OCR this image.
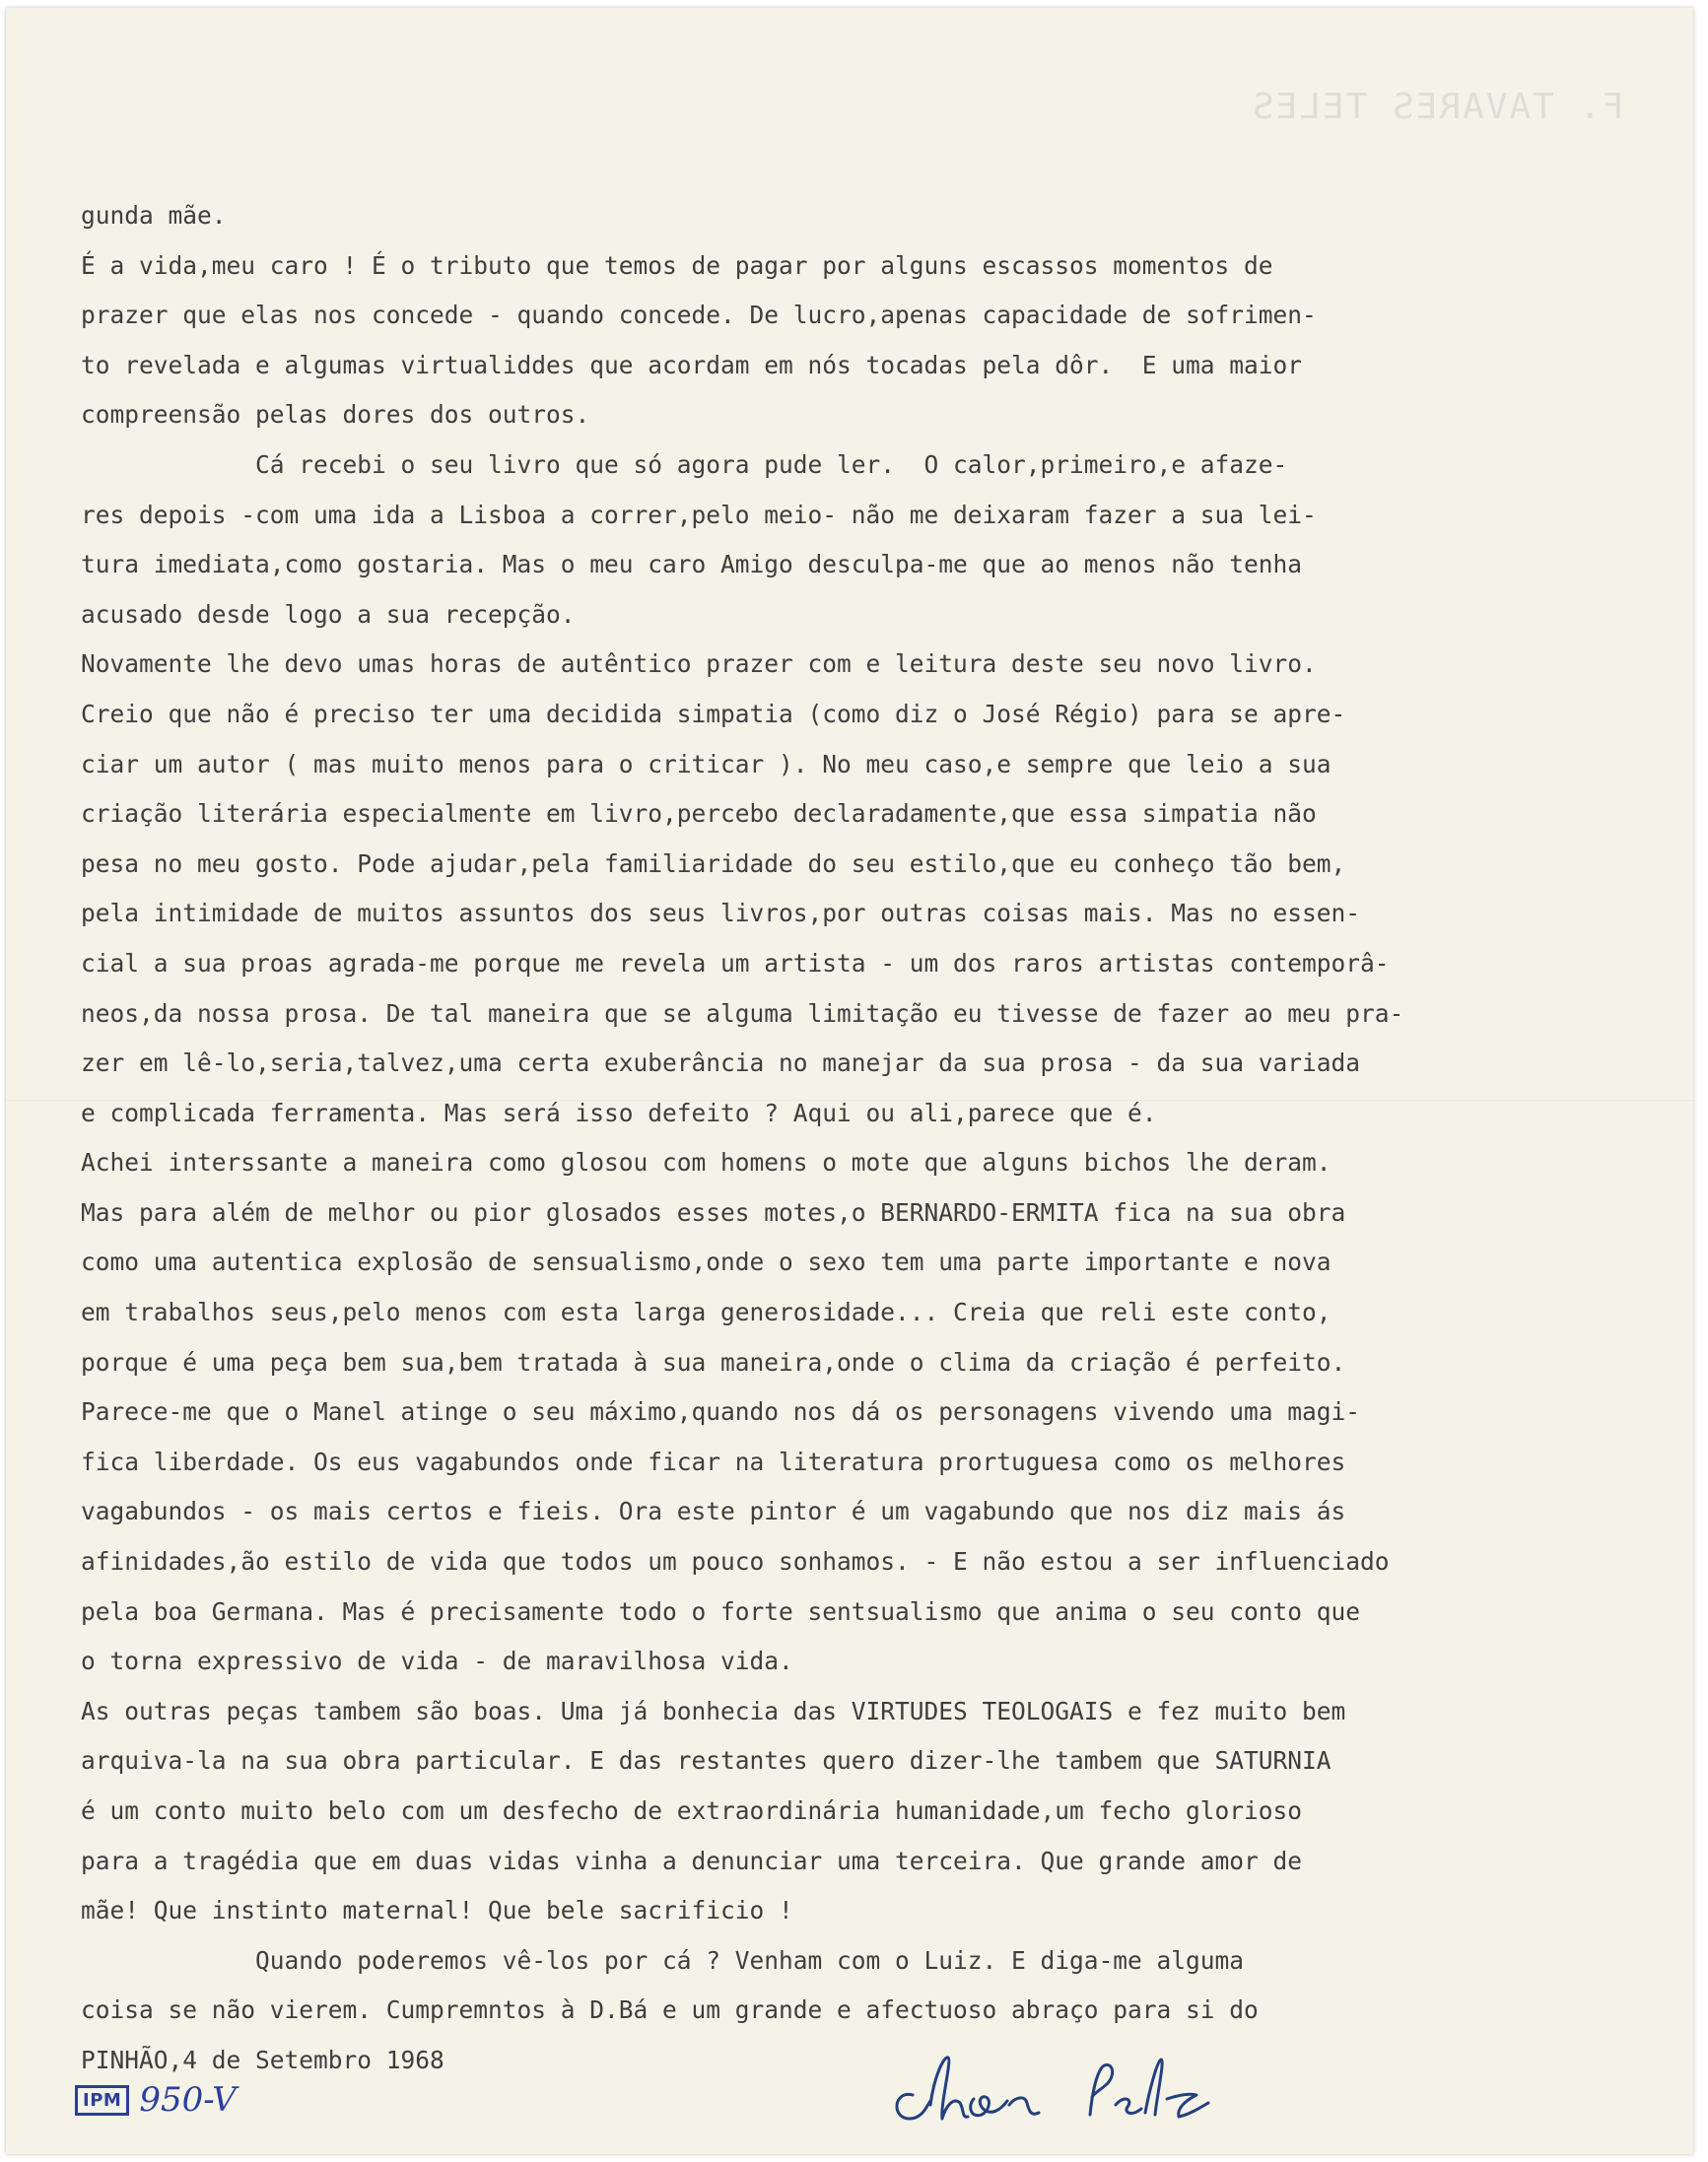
F. TAVARES TELES
gunda mãe.
É a vida,meu caro ! É o tributo que temos de pagar por alguns escassos momentos de
prazer que elas nos concede - quando concede. De lucro,apenas capacidade de sofrimen-
to revelada e algumas virtualiddes que acordam em nós tocadas pela dôr.  E uma maior
compreensão pelas dores dos outros.
Cá recebi o seu livro que só agora pude ler.  O calor,primeiro,e afaze-
res depois -com uma ida a Lisboa a correr,pelo meio- não me deixaram fazer a sua lei-
tura imediata,como gostaria. Mas o meu caro Amigo desculpa-me que ao menos não tenha
acusado desde logo a sua recepção.
Novamente lhe devo umas horas de autêntico prazer com e leitura deste seu novo livro.
Creio que não é preciso ter uma decidida simpatia (como diz o José Régio) para se apre-
ciar um autor ( mas muito menos para o criticar ). No meu caso,e sempre que leio a sua
criação literária especialmente em livro,percebo declaradamente,que essa simpatia não
pesa no meu gosto. Pode ajudar,pela familiaridade do seu estilo,que eu conheço tão bem,
pela intimidade de muitos assuntos dos seus livros,por outras coisas mais. Mas no essen-
cial a sua proas agrada-me porque me revela um artista - um dos raros artistas contemporâ-
neos,da nossa prosa. De tal maneira que se alguma limitação eu tivesse de fazer ao meu pra-
zer em lê-lo,seria,talvez,uma certa exuberância no manejar da sua prosa - da sua variada
e complicada ferramenta. Mas será isso defeito ? Aqui ou ali,parece que é.
Achei interssante a maneira como glosou com homens o mote que alguns bichos lhe deram.
Mas para além de melhor ou pior glosados esses motes,o BERNARDO-ERMITA fica na sua obra
como uma autentica explosão de sensualismo,onde o sexo tem uma parte importante e nova
em trabalhos seus,pelo menos com esta larga generosidade... Creia que reli este conto,
porque é uma peça bem sua,bem tratada à sua maneira,onde o clima da criação é perfeito.
Parece-me que o Manel atinge o seu máximo,quando nos dá os personagens vivendo uma magi-
fica liberdade. Os eus vagabundos onde ficar na literatura prortuguesa como os melhores
vagabundos - os mais certos e fieis. Ora este pintor é um vagabundo que nos diz mais ás
afinidades,ão estilo de vida que todos um pouco sonhamos. - E não estou a ser influenciado
pela boa Germana. Mas é precisamente todo o forte sentsualismo que anima o seu conto que
o torna expressivo de vida - de maravilhosa vida.
As outras peças tambem são boas. Uma já bonhecia das VIRTUDES TEOLOGAIS e fez muito bem
arquiva-la na sua obra particular. E das restantes quero dizer-lhe tambem que SATURNIA
é um conto muito belo com um desfecho de extraordinária humanidade,um fecho glorioso
para a tragédia que em duas vidas vinha a denunciar uma terceira. Que grande amor de
mãe! Que instinto maternal! Que bele sacrificio !
Quando poderemos vê-los por cá ? Venham com o Luiz. E diga-me alguma
coisa se não vierem. Cumpremntos à D.Bá e um grande e afectuoso abraço para si do
PINHÃO,4 de Setembro 1968
IPM 950-V
